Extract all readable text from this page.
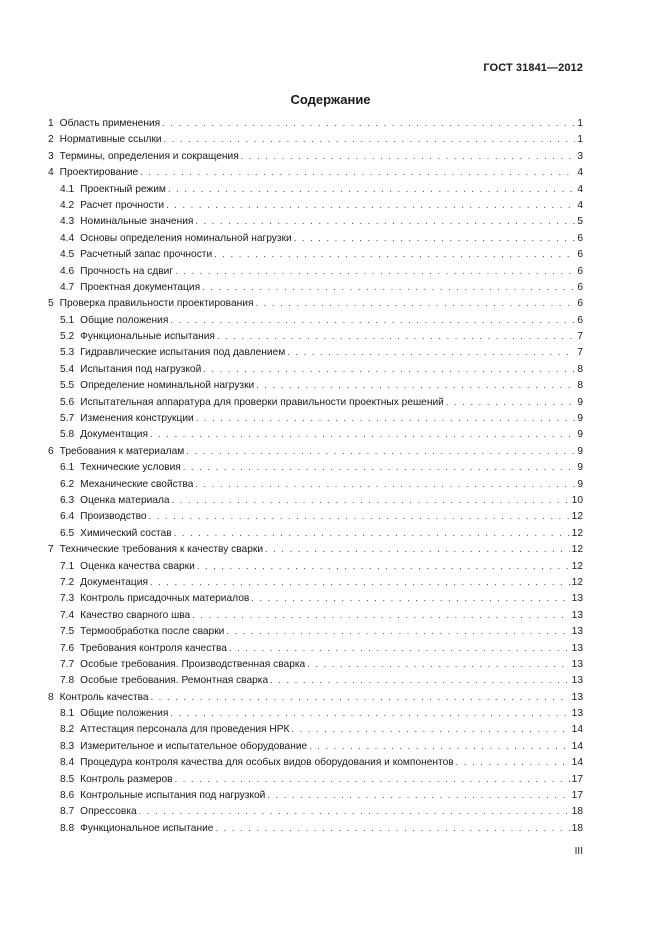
ГОСТ 31841—2012
Содержание
1 Область применения . . .	1
2 Нормативные ссылки . . .	1
3 Термины, определения и сокращения . . .	3
4 Проектирование . . .	4
4.1 Проектный режим . . .	4
4.2 Расчет прочности . . .	4
4.3 Номинальные значения . . .	5
4.4 Основы определения номинальной нагрузки . . .	6
4.5 Расчетный запас прочности . . .	6
4.6 Прочность на сдвиг . . .	6
4.7 Проектная документация . . .	6
5 Проверка правильности проектирования . . .	6
5.1 Общие положения . . .	6
5.2 Функциональные испытания . . .	7
5.3 Гидравлические испытания под давлением . . .	7
5.4 Испытания под нагрузкой . . .	8
5.5 Определение номинальной нагрузки . . .	8
5.6 Испытательная аппаратура для проверки правильности проектных решений . . .	9
5.7 Изменения конструкции . . .	9
5.8 Документация . . .	9
6 Требования к материалам . . .	9
6.1 Технические условия . . .	9
6.2 Механические свойства . . .	9
6.3 Оценка материала . . .	10
6.4 Производство . . .	12
6.5 Химический состав . . .	12
7 Технические требования к качеству сварки . . .	12
7.1 Оценка качества сварки . . .	12
7.2 Документация . . .	12
7.3 Контроль присадочных материалов . . .	13
7.4 Качество сварного шва . . .	13
7.5 Термообработка после сварки . . .	13
7.6 Требования контроля качества . . .	13
7.7 Особые требования. Производственная сварка . . .	13
7.8 Особые требования. Ремонтная сварка . . .	13
8 Контроль качества . . .	13
8.1 Общие положения . . .	13
8.2 Аттестация персонала для проведения НРК . . .	14
8.3 Измерительное и испытательное оборудование . . .	14
8.4 Процедура контроля качества для особых видов оборудования и компонентов . . .	14
8.5 Контроль размеров . . .	17
8.6 Контрольные испытания под нагрузкой . . .	17
8.7 Опрессовка . . .	18
8.8 Функциональное испытание . . .	18
III
